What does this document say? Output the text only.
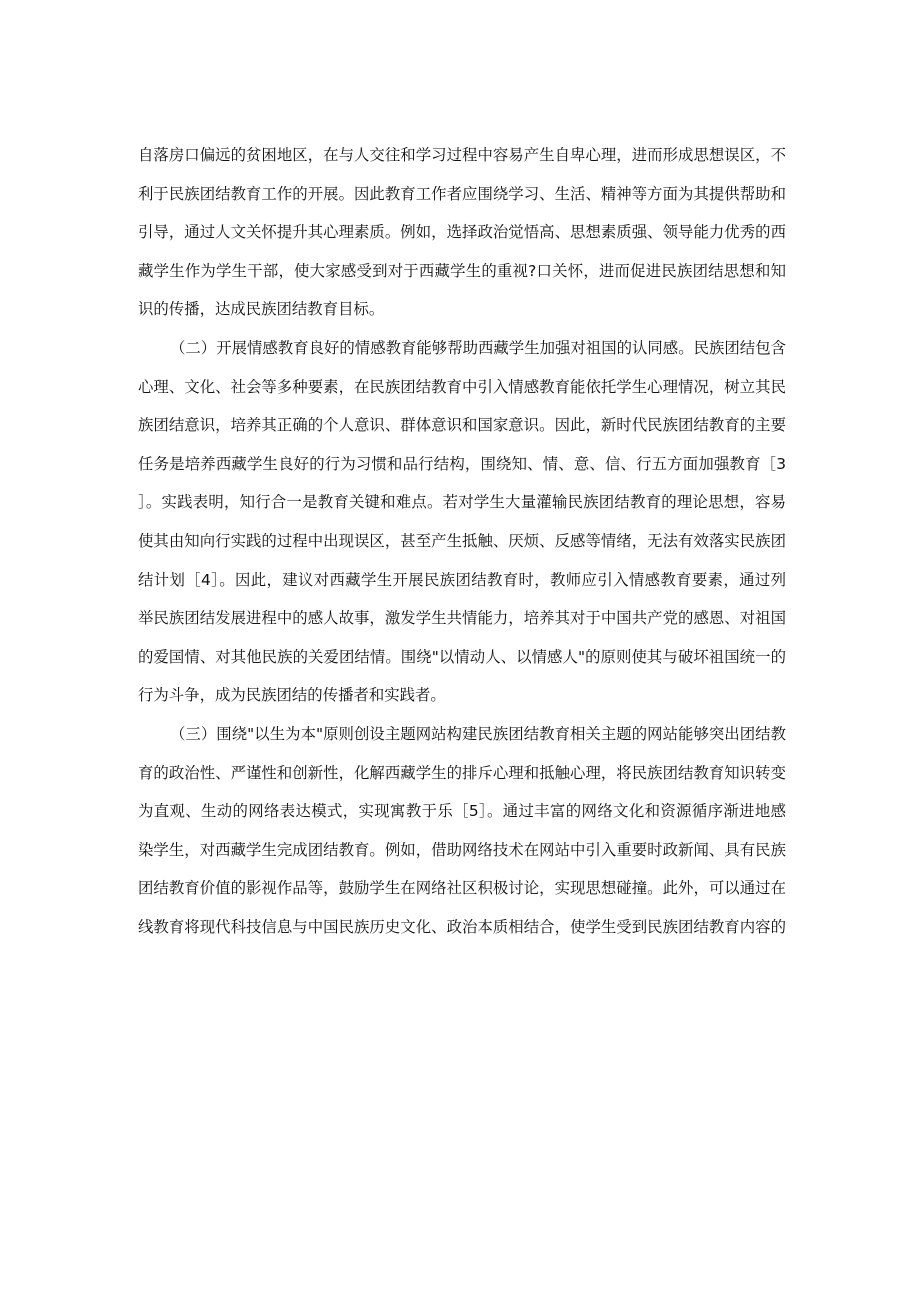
自落房口偏远的贫困地区，在与人交往和学习过程中容易产生自卑心理，进而形成思想误区，不
利于民族团结教育工作的开展。因此教育工作者应围绕学习、生活、精神等方面为其提供帮助和
引导，通过人文关怀提升其心理素质。例如，选择政治觉悟高、思想素质强、领导能力优秀的西
藏学生作为学生干部，使大家感受到对于西藏学生的重视?口关怀，进而促进民族团结思想和知
识的传播，达成民族团结教育目标。
（二）开展情感教育良好的情感教育能够帮助西藏学生加强对祖国的认同感。民族团结包含
心理、文化、社会等多种要素，在民族团结教育中引入情感教育能依托学生心理情况，树立其民
族团结意识，培养其正确的个人意识、群体意识和国家意识。因此，新时代民族团结教育的主要
任务是培养西藏学生良好的行为习惯和品行结构，围绕知、情、意、信、行五方面加强教育［3
］。实践表明，知行合一是教育关键和难点。若对学生大量灌输民族团结教育的理论思想，容易
使其由知向行实践的过程中出现误区，甚至产生抵触、厌烦、反感等情绪，无法有效落实民族团
结计划［4］。因此，建议对西藏学生开展民族团结教育时，教师应引入情感教育要素，通过列
举民族团结发展进程中的感人故事，激发学生共情能力，培养其对于中国共产党的感恩、对祖国
的爱国情、对其他民族的关爱团结情。围绕"以情动人、以情感人"的原则使其与破坏祖国统一的
行为斗争，成为民族团结的传播者和实践者。
（三）围绕"以生为本"原则创设主题网站构建民族团结教育相关主题的网站能够突出团结教
育的政治性、严谨性和创新性，化解西藏学生的排斥心理和抵触心理，将民族团结教育知识转变
为直观、生动的网络表达模式，实现寓教于乐［5］。通过丰富的网络文化和资源循序渐进地感
染学生，对西藏学生完成团结教育。例如，借助网络技术在网站中引入重要时政新闻、具有民族
团结教育价值的影视作品等，鼓励学生在网络社区积极讨论，实现思想碰撞。此外，可以通过在
线教育将现代科技信息与中国民族历史文化、政治本质相结合，使学生受到民族团结教育内容的
